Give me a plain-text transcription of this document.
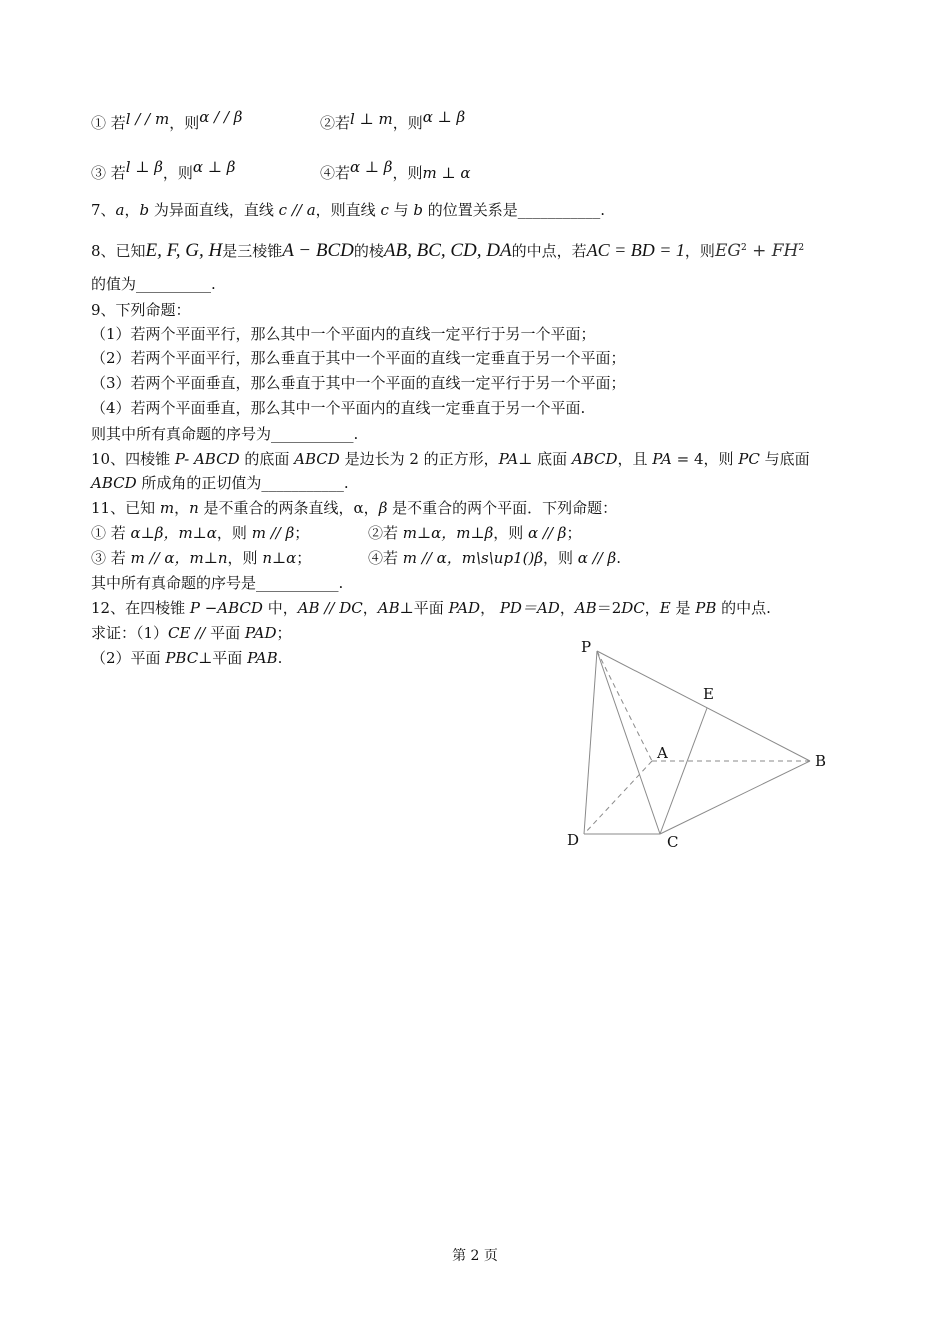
① 若l / / m，则α / / β	②若l ⊥ m，则α ⊥ β
③ 若l ⊥ β，则α ⊥ β	④若α ⊥ β，则m ⊥ α
7、a，b 为异面直线，直线 c // a，则直线 c 与 b 的位置关系是___________.
8、已知E, F, G, H是三棱锥A − BCD的棱AB, BC, CD, DA的中点，若AC = BD = 1，则$EG^2 + FH^2$
的值为__________.
9、下列命题：
（1）若两个平面平行，那么其中一个平面内的直线一定平行于另一个平面；
（2）若两个平面平行，那么垂直于其中一个平面的直线一定垂直于另一个平面；
（3）若两个平面垂直，那么垂直于其中一个平面的直线一定平行于另一个平面；
（4）若两个平面垂直，那么其中一个平面内的直线一定垂直于另一个平面.
则其中所有真命题的序号为___________.
10、四棱锥 P- ABCD 的底面 ABCD 是边长为 2 的正方形，PA⊥ 底面 ABCD，且 PA = 4，则 PC 与底面
ABCD 所成角的正切值为___________.
11、已知 m，n 是不重合的两条直线，α，β 是不重合的两个平面．下列命题：
① 若 α⊥β，m⊥α，则 m // β；	②若 m⊥α，m⊥β，则 α // β；
③ 若 m // α，m⊥n，则 n⊥α；	④若 m // α，m\s\up1()β，则 α // β.
其中所有真命题的序号是___________.
12、在四棱锥 P −ABCD 中，AB // DC，AB⊥平面 PAD， PD＝AD，AB＝2DC，E 是 PB 的中点.
求证：（1）CE // 平面 PAD；
（2）平面 PBC⊥平面 PAB.
P
E
A	B
D	C
第 2 页
